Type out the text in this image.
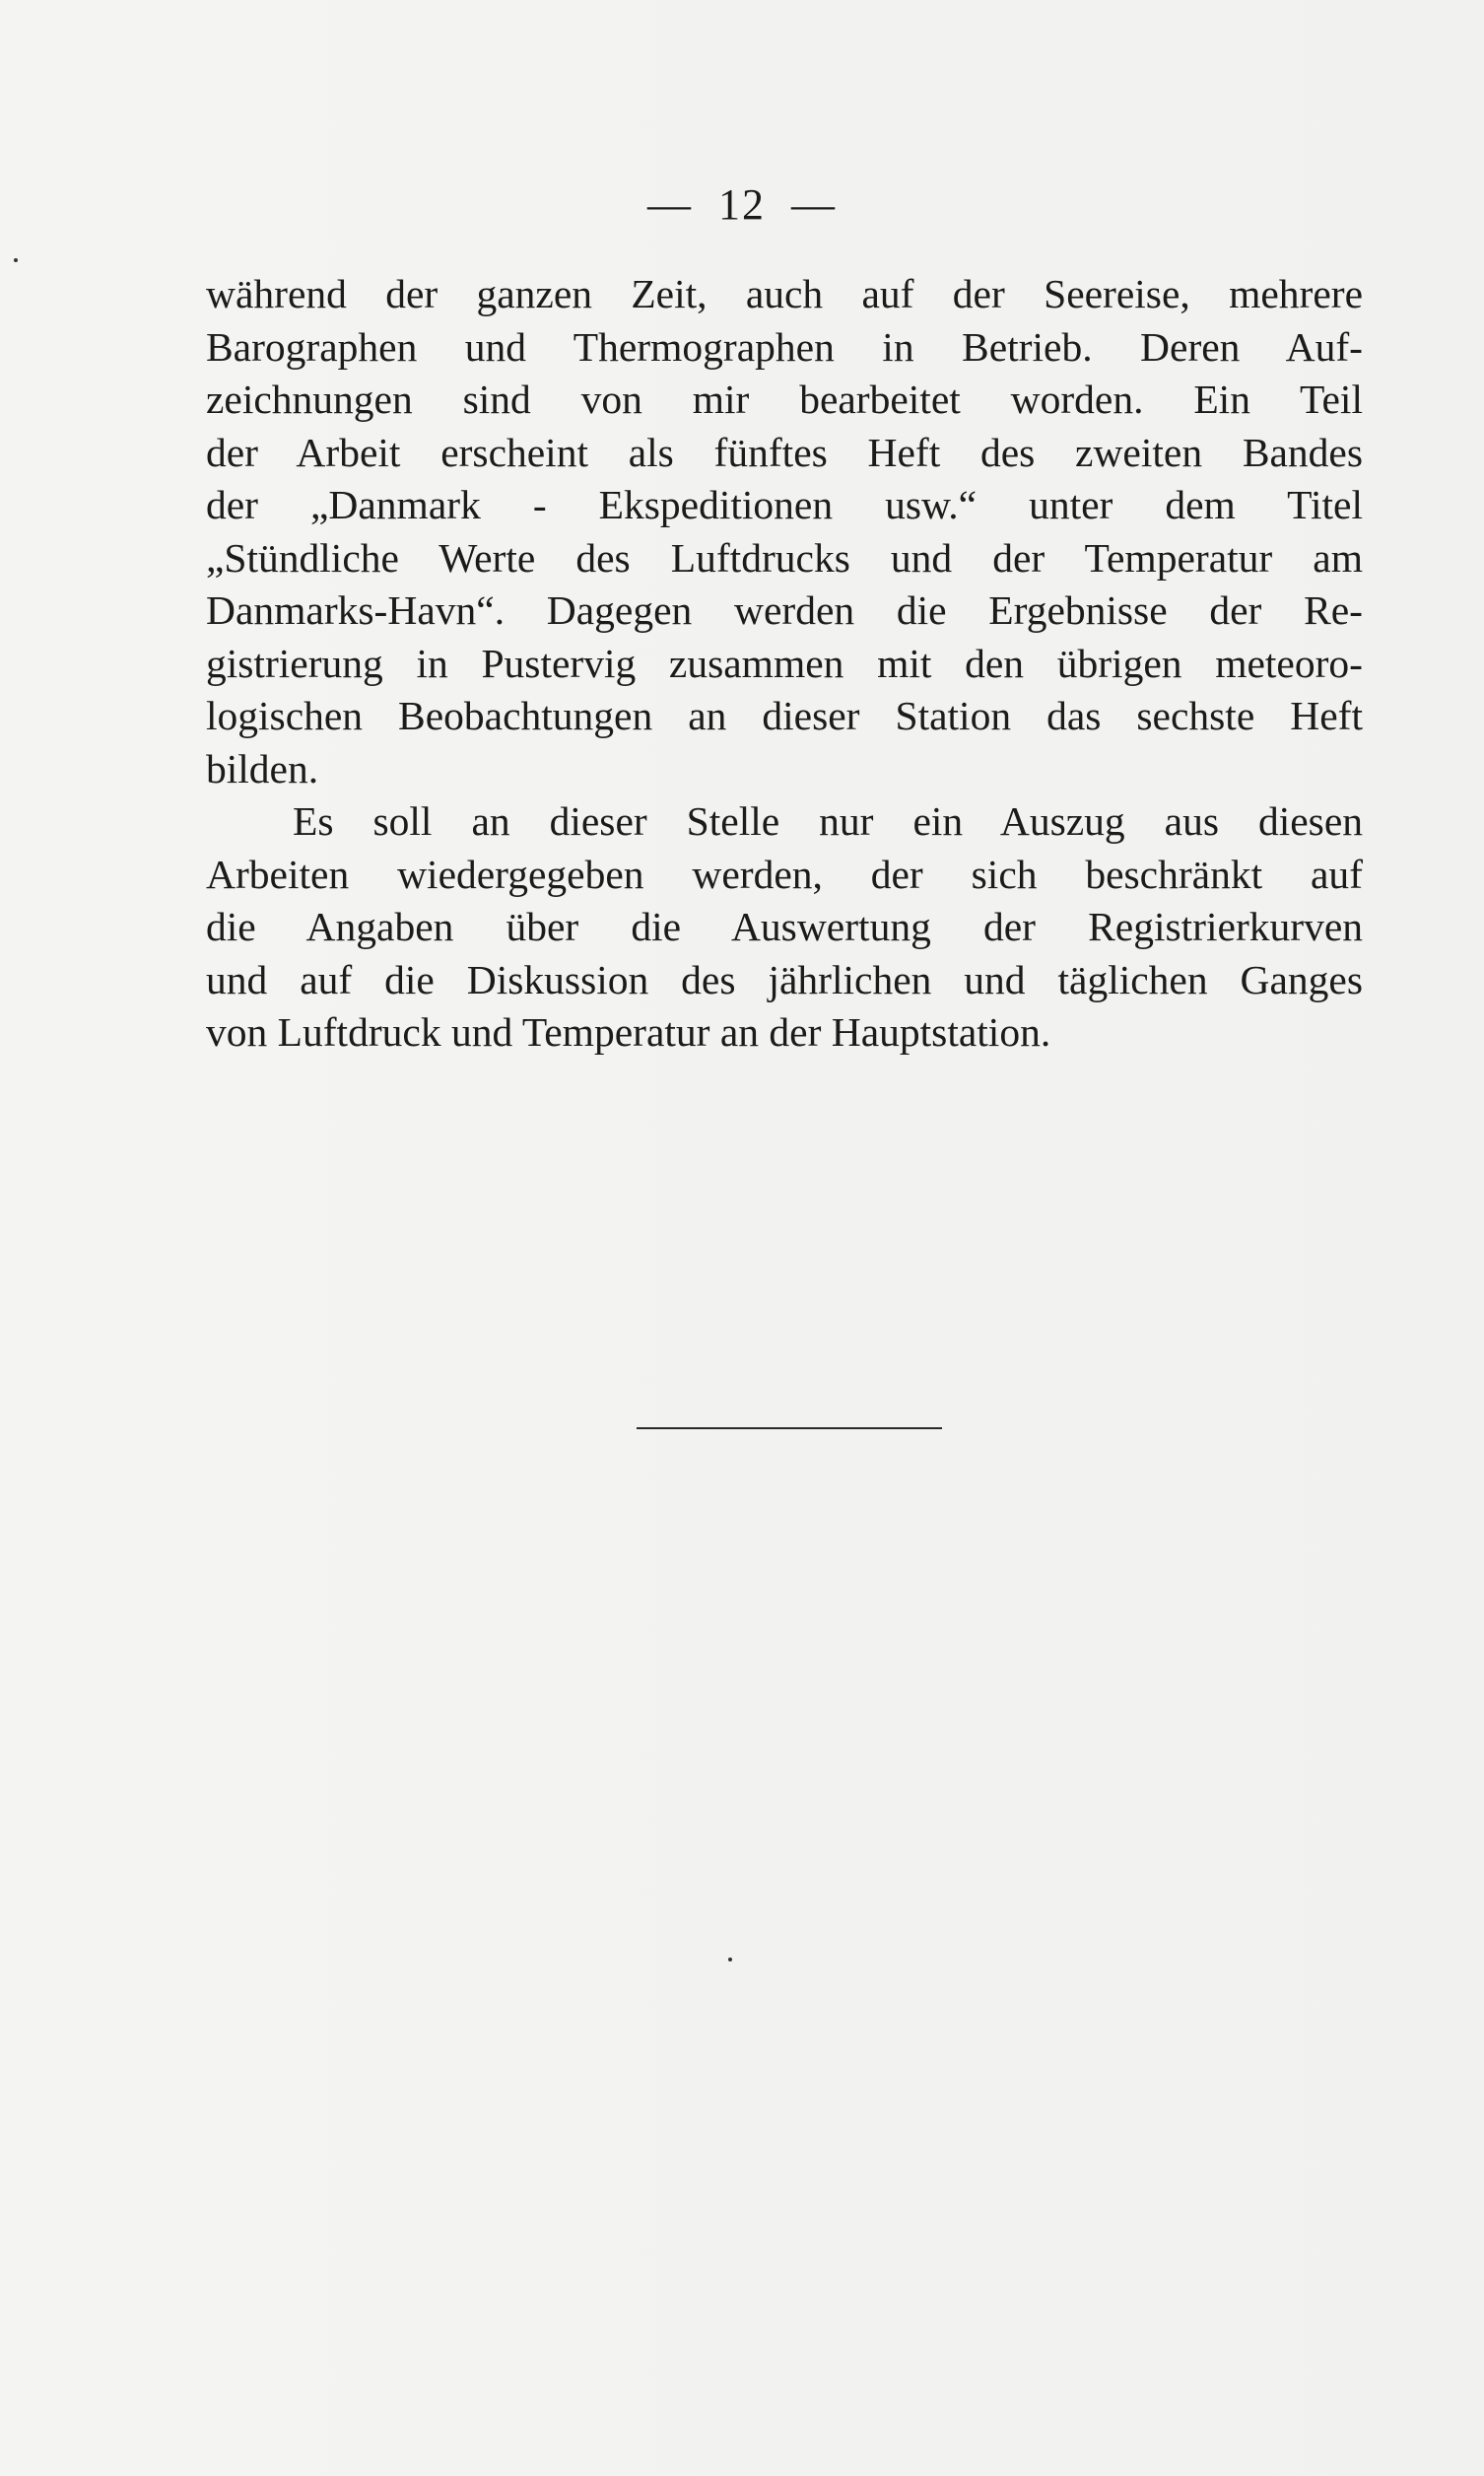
— 12 —
während der ganzen Zeit, auch auf der Seereise, mehrere
Barographen und Thermographen in Betrieb. Deren Auf-
zeichnungen sind von mir bearbeitet worden. Ein Teil
der Arbeit erscheint als fünftes Heft des zweiten Bandes
der „Danmark - Ekspeditionen usw.“ unter dem Titel
„Stündliche Werte des Luftdrucks und der Temperatur am
Danmarks-Havn“. Dagegen werden die Ergebnisse der Re-
gistrierung in Pustervig zusammen mit den übrigen meteoro-
logischen Beobachtungen an dieser Station das sechste Heft
bilden.
Es soll an dieser Stelle nur ein Auszug aus diesen
Arbeiten wiedergegeben werden, der sich beschränkt auf
die Angaben über die Auswertung der Registrierkurven
und auf die Diskussion des jährlichen und täglichen Ganges
von Luftdruck und Temperatur an der Hauptstation.
